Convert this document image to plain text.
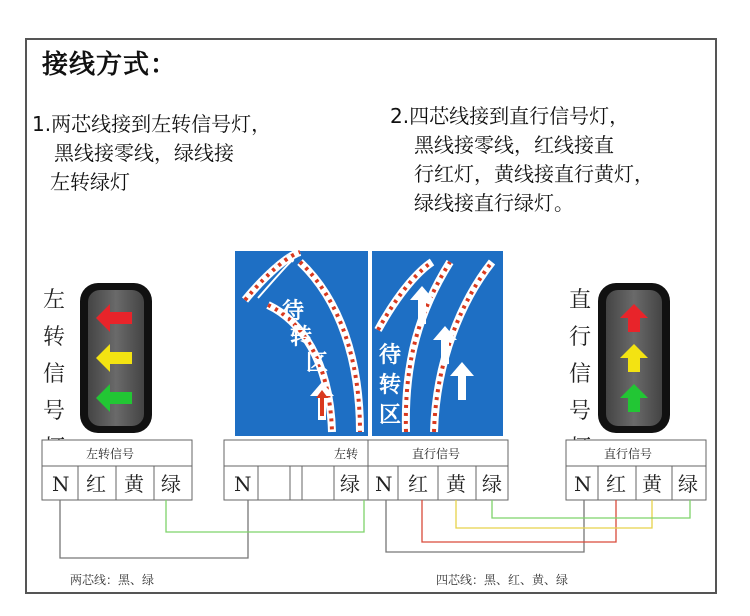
接线方式：
1.两芯线接到左转信号灯，
黑线接零线，绿线接
左转绿灯
2.四芯线接到直行信号灯，
黑线接零线，红线接直
行红灯，黄线接直行黄灯，
绿线接直行绿灯。
左转信号
直行信号
待
转
区 待
转
区
左转信号
N 红 黄 绿
左转	直行信号
N	绿 N 红 黄 绿
直行信号
N 红 黄 绿
两芯线：黑、绿	四芯线：黑、红、黄、绿
